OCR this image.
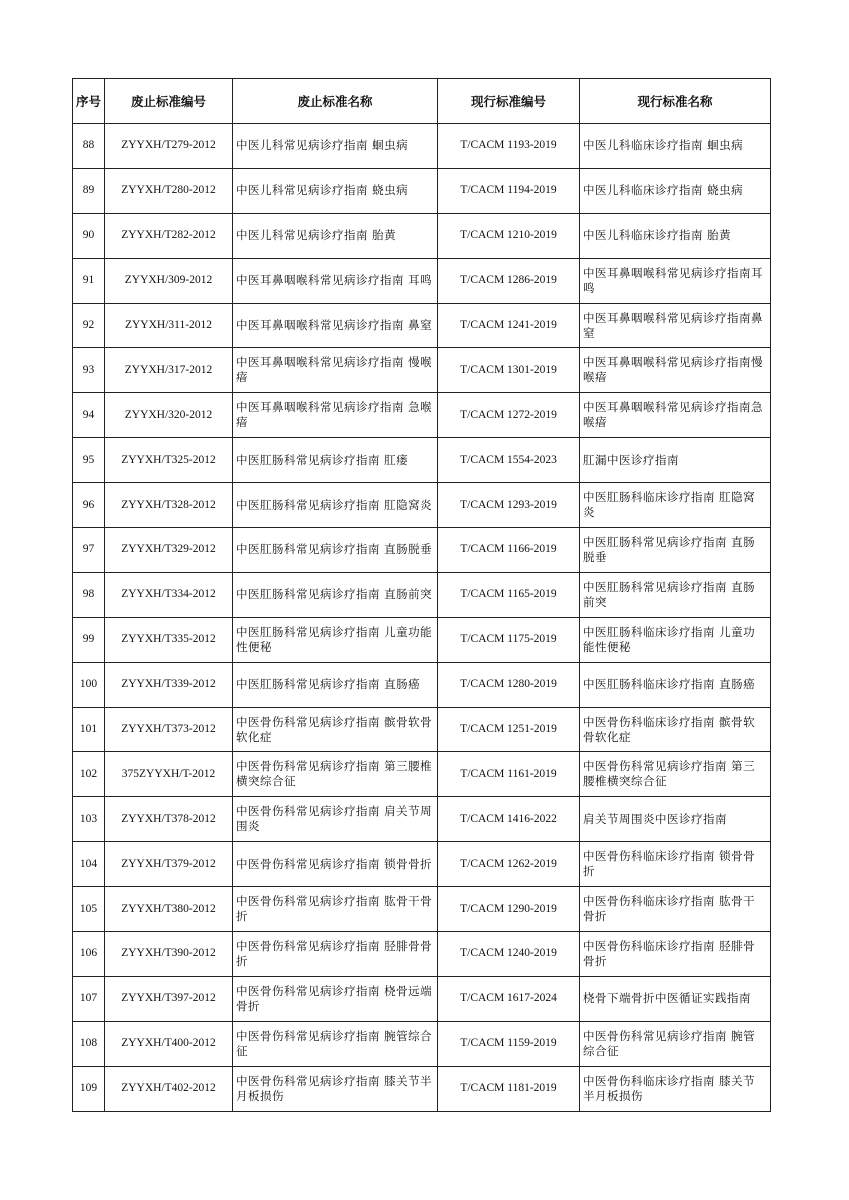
序号	废止标准编号	废止标准名称	现行标准编号	现行标准名称
88	ZYYXH/T279-2012	中医儿科常见病诊疗指南 蛔虫病	T/CACM 1193-2019	中医儿科临床诊疗指南 蛔虫病
89	ZYYXH/T280-2012	中医儿科常见病诊疗指南 蛲虫病	T/CACM 1194-2019	中医儿科临床诊疗指南 蛲虫病
90	ZYYXH/T282-2012	中医儿科常见病诊疗指南 胎黄	T/CACM 1210-2019	中医儿科临床诊疗指南 胎黄
91	ZYYXH/309-2012	中医耳鼻咽喉科常见病诊疗指南 耳鸣	T/CACM 1286-2019	中医耳鼻咽喉科常见病诊疗指南耳鸣
92	ZYYXH/311-2012	中医耳鼻咽喉科常见病诊疗指南 鼻窒	T/CACM 1241-2019	中医耳鼻咽喉科常见病诊疗指南鼻窒
93	ZYYXH/317-2012	中医耳鼻咽喉科常见病诊疗指南 慢喉瘖	T/CACM 1301-2019	中医耳鼻咽喉科常见病诊疗指南慢喉瘖
94	ZYYXH/320-2012	中医耳鼻咽喉科常见病诊疗指南 急喉瘖	T/CACM 1272-2019	中医耳鼻咽喉科常见病诊疗指南急喉瘖
95	ZYYXH/T325-2012	中医肛肠科常见病诊疗指南 肛瘘	T/CACM 1554-2023	肛漏中医诊疗指南
96	ZYYXH/T328-2012	中医肛肠科常见病诊疗指南 肛隐窝炎	T/CACM 1293-2019	中医肛肠科临床诊疗指南 肛隐窝炎
97	ZYYXH/T329-2012	中医肛肠科常见病诊疗指南 直肠脱垂	T/CACM 1166-2019	中医肛肠科常见病诊疗指南 直肠脱垂
98	ZYYXH/T334-2012	中医肛肠科常见病诊疗指南 直肠前突	T/CACM 1165-2019	中医肛肠科常见病诊疗指南 直肠前突
99	ZYYXH/T335-2012	中医肛肠科常见病诊疗指南 儿童功能性便秘	T/CACM 1175-2019	中医肛肠科临床诊疗指南 儿童功能性便秘
100	ZYYXH/T339-2012	中医肛肠科常见病诊疗指南 直肠癌	T/CACM 1280-2019	中医肛肠科临床诊疗指南 直肠癌
101	ZYYXH/T373-2012	中医骨伤科常见病诊疗指南 髌骨软骨软化症	T/CACM 1251-2019	中医骨伤科临床诊疗指南 髌骨软骨软化症
102	375ZYYXH/T-2012	中医骨伤科常见病诊疗指南 第三腰椎横突综合征	T/CACM 1161-2019	中医骨伤科常见病诊疗指南 第三腰椎横突综合征
103	ZYYXH/T378-2012	中医骨伤科常见病诊疗指南 肩关节周围炎	T/CACM 1416-2022	肩关节周围炎中医诊疗指南
104	ZYYXH/T379-2012	中医骨伤科常见病诊疗指南 锁骨骨折	T/CACM 1262-2019	中医骨伤科临床诊疗指南 锁骨骨折
105	ZYYXH/T380-2012	中医骨伤科常见病诊疗指南 肱骨干骨折	T/CACM 1290-2019	中医骨伤科临床诊疗指南 肱骨干骨折
106	ZYYXH/T390-2012	中医骨伤科常见病诊疗指南 胫腓骨骨折	T/CACM 1240-2019	中医骨伤科临床诊疗指南 胫腓骨骨折
107	ZYYXH/T397-2012	中医骨伤科常见病诊疗指南 桡骨远端骨折	T/CACM 1617-2024	桡骨下端骨折中医循证实践指南
108	ZYYXH/T400-2012	中医骨伤科常见病诊疗指南 腕管综合征	T/CACM 1159-2019	中医骨伤科常见病诊疗指南 腕管综合征
109	ZYYXH/T402-2012	中医骨伤科常见病诊疗指南 膝关节半月板损伤	T/CACM 1181-2019	中医骨伤科临床诊疗指南 膝关节半月板损伤
